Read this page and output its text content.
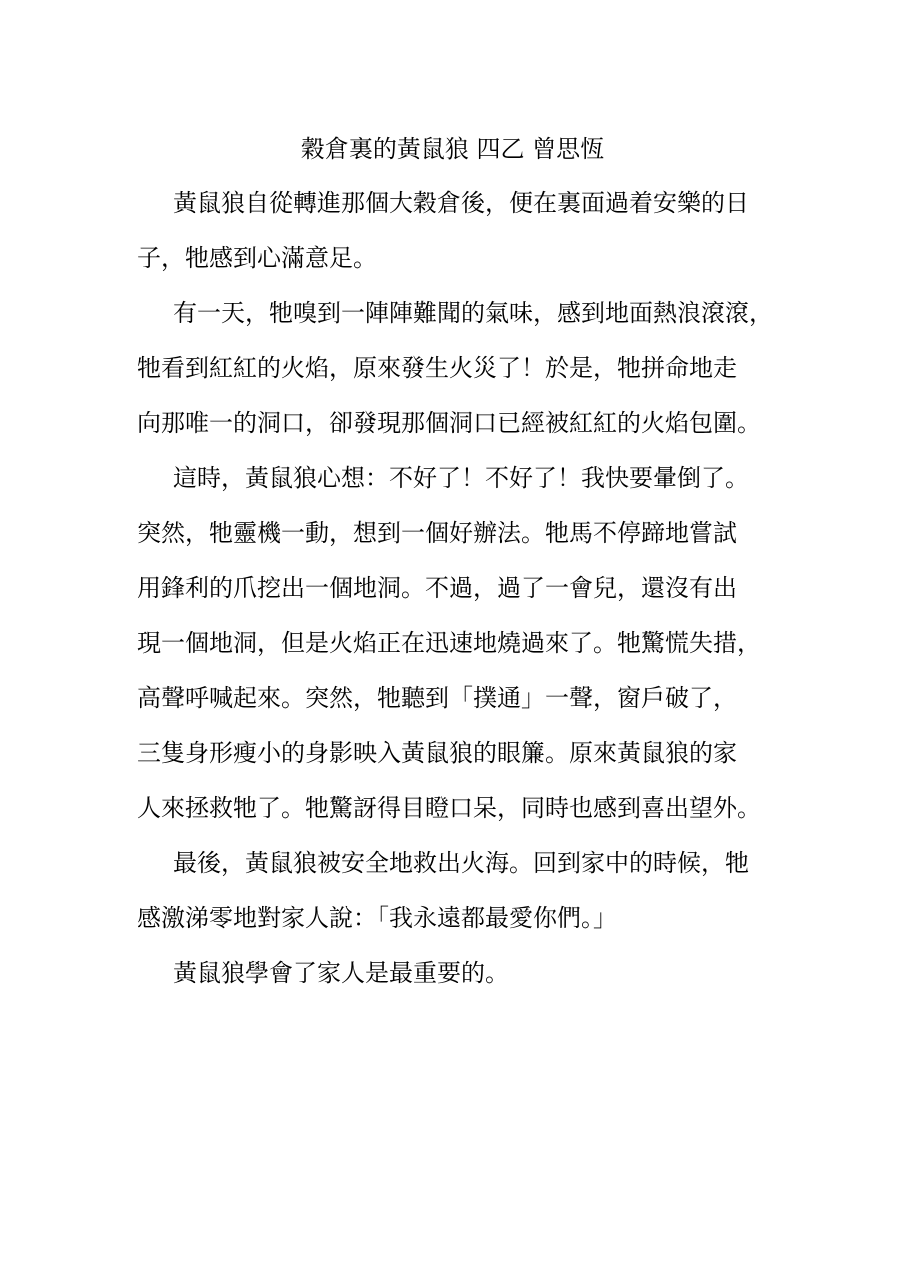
穀倉裏的黃鼠狼 四乙 曾思恆
黃鼠狼自從轉進那個大穀倉後，便在裏面過着安樂的日
子，牠感到心滿意足。
有一天，牠嗅到一陣陣難聞的氣味，感到地面熱浪滾滾，
牠看到紅紅的火焰，原來發生火災了！於是，牠拼命地走
向那唯一的洞口，卻發現那個洞口已經被紅紅的火焰包圍。
這時，黃鼠狼心想：不好了！不好了！我快要暈倒了。
突然，牠靈機一動，想到一個好辦法。牠馬不停蹄地嘗試
用鋒利的爪挖出一個地洞。不過，過了一會兒，還沒有出
現一個地洞，但是火焰正在迅速地燒過來了。牠驚慌失措，
高聲呼喊起來。突然，牠聽到「撲通」一聲，窗戶破了，
三隻身形瘦小的身影映入黃鼠狼的眼簾。原來黃鼠狼的家
人來拯救牠了。牠驚訝得目瞪口呆，同時也感到喜出望外。
最後，黃鼠狼被安全地救出火海。回到家中的時候，牠
感激涕零地對家人說：「我永遠都最愛你們。」
黃鼠狼學會了家人是最重要的。
